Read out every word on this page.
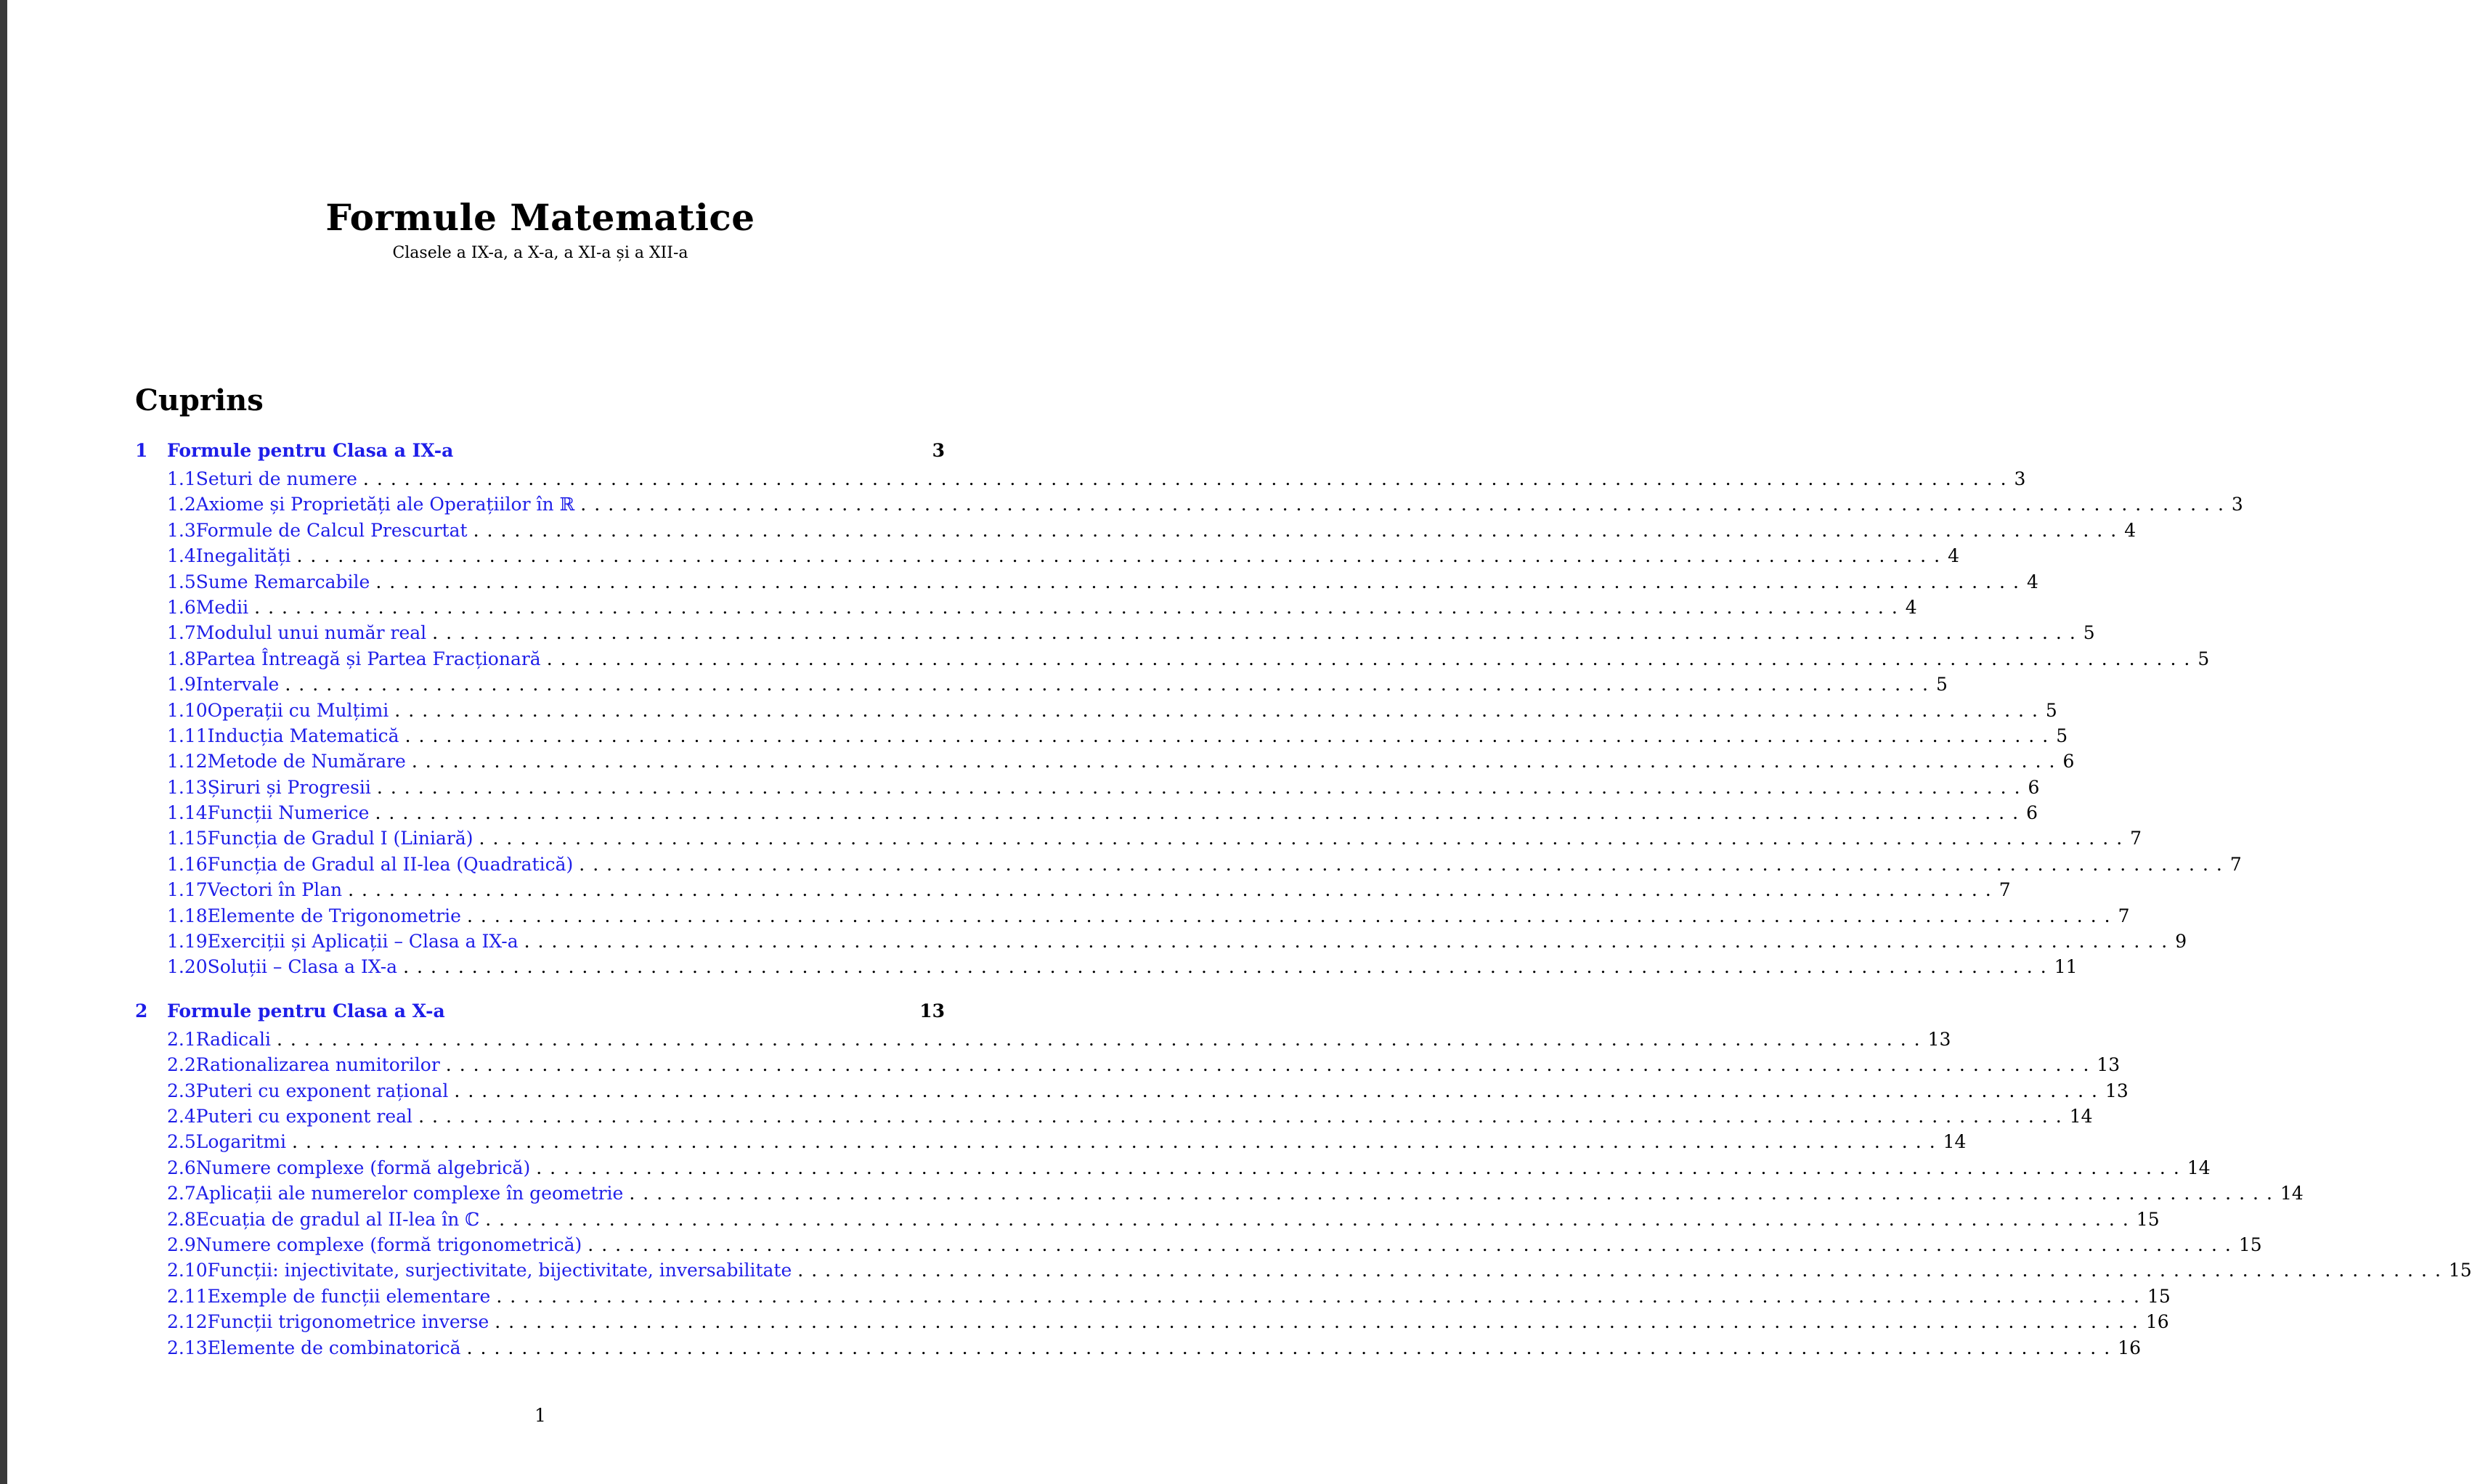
Formule Matematice
Clasele a IX-a, a X-a, a XI-a și a XII-a
Cuprins
1	Formule pentru Clasa a IX-a	3
1.1 Seturi de numere ........................................................................................................................ 3
1.2 Axiome și Proprietăți ale Operațiilor în ℝ ........................................................................................................................ 3
1.3 Formule de Calcul Prescurtat ........................................................................................................................ 4
1.4 Inegalități ........................................................................................................................ 4
1.5 Sume Remarcabile ........................................................................................................................ 4
1.6 Medii ........................................................................................................................ 4
1.7 Modulul unui număr real ........................................................................................................................ 5
1.8 Partea Întreagă și Partea Fracționară ........................................................................................................................ 5
1.9 Intervale ........................................................................................................................ 5
1.10 Operații cu Mulțimi ........................................................................................................................ 5
1.11 Inducția Matematică ........................................................................................................................ 5
1.12 Metode de Numărare ........................................................................................................................ 6
1.13 Șiruri și Progresii ........................................................................................................................ 6
1.14 Funcții Numerice ........................................................................................................................ 6
1.15 Funcția de Gradul I (Liniară) ........................................................................................................................ 7
1.16 Funcția de Gradul al II-lea (Quadratică) ........................................................................................................................ 7
1.17 Vectori în Plan ........................................................................................................................ 7
1.18 Elemente de Trigonometrie ........................................................................................................................ 7
1.19 Exerciții și Aplicații – Clasa a IX-a ........................................................................................................................ 9
1.20 Soluții – Clasa a IX-a ........................................................................................................................ 11
2	Formule pentru Clasa a X-a	13
2.1 Radicali ........................................................................................................................ 13
2.2 Rationalizarea numitorilor ........................................................................................................................ 13
2.3 Puteri cu exponent rațional ........................................................................................................................ 13
2.4 Puteri cu exponent real ........................................................................................................................ 14
2.5 Logaritmi ........................................................................................................................ 14
2.6 Numere complexe (formă algebrică) ........................................................................................................................ 14
2.7 Aplicații ale numerelor complexe în geometrie ........................................................................................................................ 14
2.8 Ecuația de gradul al II-lea în ℂ ........................................................................................................................ 15
2.9 Numere complexe (formă trigonometrică) ........................................................................................................................ 15
2.10 Funcții: injectivitate, surjectivitate, bijectivitate, inversabilitate ........................................................................................................................ 15
2.11 Exemple de funcții elementare ........................................................................................................................ 15
2.12 Funcții trigonometrice inverse ........................................................................................................................ 16
2.13 Elemente de combinatorică ........................................................................................................................ 16
1
